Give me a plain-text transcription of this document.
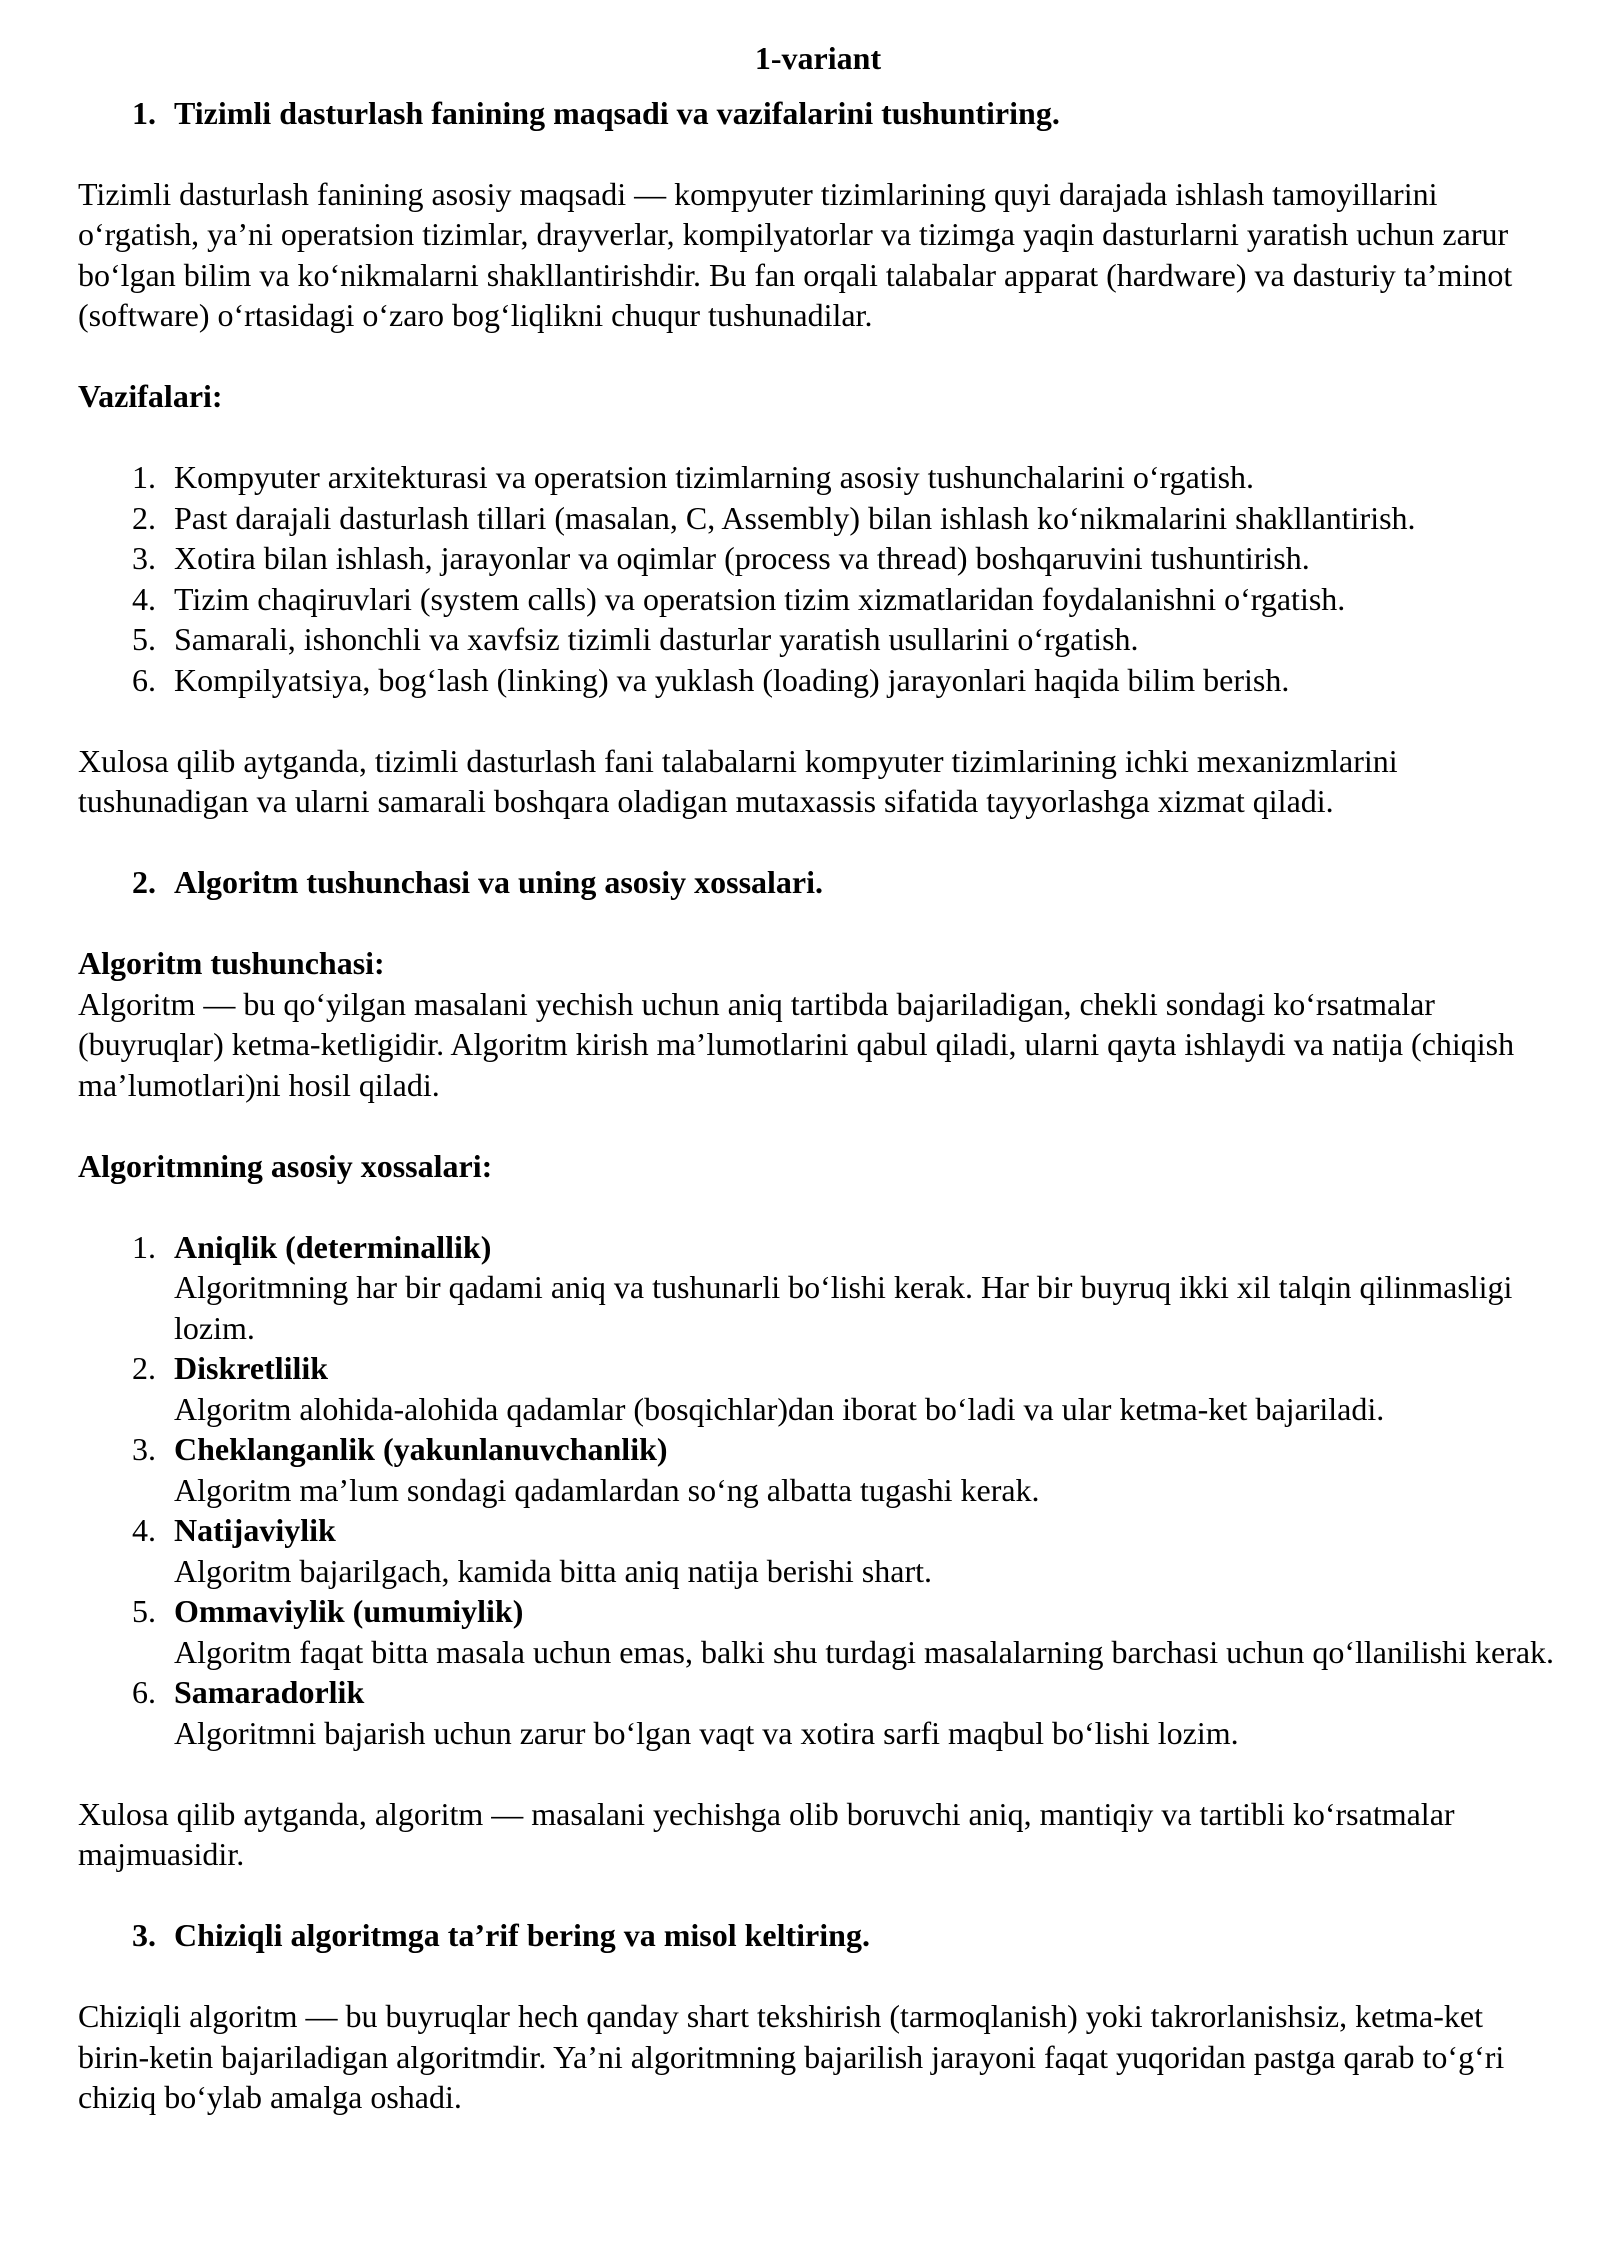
1-variant

1. Tizimli dasturlash fanining maqsadi va vazifalarini tushuntiring.

Tizimli dasturlash fanining asosiy maqsadi — kompyuter tizimlarining quyi darajada ishlash tamoyillarini oʻrgatish, yaʼni operatsion tizimlar, drayverlar, kompilyatorlar va tizimga yaqin dasturlarni yaratish uchun zarur boʻlgan bilim va koʻnikmalarni shakllantirishdir. Bu fan orqali talabalar apparat (hardware) va dasturiy taʼminot (software) oʻrtasidagi oʻzaro bogʻliqlikni chuqur tushunadilar.

Vazifalari:

1. Kompyuter arxitekturasi va operatsion tizimlarning asosiy tushunchalarini oʻrgatish.
2. Past darajali dasturlash tillari (masalan, C, Assembly) bilan ishlash koʻnikmalarini shakllantirish.
3. Xotira bilan ishlash, jarayonlar va oqimlar (process va thread) boshqaruvini tushuntirish.
4. Tizim chaqiruvlari (system calls) va operatsion tizim xizmatlaridan foydalanishni oʻrgatish.
5. Samarali, ishonchli va xavfsiz tizimli dasturlar yaratish usullarini oʻrgatish.
6. Kompilyatsiya, bogʻlash (linking) va yuklash (loading) jarayonlari haqida bilim berish.

Xulosa qilib aytganda, tizimli dasturlash fani talabalarni kompyuter tizimlarining ichki mexanizmlarini tushunadigan va ularni samarali boshqara oladigan mutaxassis sifatida tayyorlashga xizmat qiladi.

2. Algoritm tushunchasi va uning asosiy xossalari.

Algoritm tushunchasi:

Algoritm — bu qoʻyilgan masalani yechish uchun aniq tartibda bajariladigan, chekli sondagi koʻrsatmalar (buyruqlar) ketma-ketligidir. Algoritm kirish maʼlumotlarini qabul qiladi, ularni qayta ishlaydi va natija (chiqish maʼlumotlari)ni hosil qiladi.

Algoritmning asosiy xossalari:

1. Aniqlik (determinallik)
Algoritmning har bir qadami aniq va tushunarli boʻlishi kerak. Har bir buyruq ikki xil talqin qilinmasligi lozim.
2. Diskretlilik
Algoritm alohida-alohida qadamlar (bosqichlar)dan iborat boʻladi va ular ketma-ket bajariladi.
3. Cheklanganlik (yakunlanuvchanlik)
Algoritm maʼlum sondagi qadamlardan soʻng albatta tugashi kerak.
4. Natijaviylik
Algoritm bajarilgach, kamida bitta aniq natija berishi shart.
5. Ommaviylik (umumiylik)
Algoritm faqat bitta masala uchun emas, balki shu turdagi masalalarning barchasi uchun qoʻllanilishi kerak.
6. Samaradorlik
Algoritmni bajarish uchun zarur boʻlgan vaqt va xotira sarfi maqbul boʻlishi lozim.

Xulosa qilib aytganda, algoritm — masalani yechishga olib boruvchi aniq, mantiqiy va tartibli koʻrsatmalar majmuasidir.

3. Chiziqli algoritmga taʼrif bering va misol keltiring.

Chiziqli algoritm — bu buyruqlar hech qanday shart tekshirish (tarmoqlanish) yoki takrorlanishsiz, ketma-ket birin-ketin bajariladigan algoritmdir. Yaʼni algoritmning bajarilish jarayoni faqat yuqoridan pastga qarab toʻgʻri chiziq boʻylab amalga oshadi.
